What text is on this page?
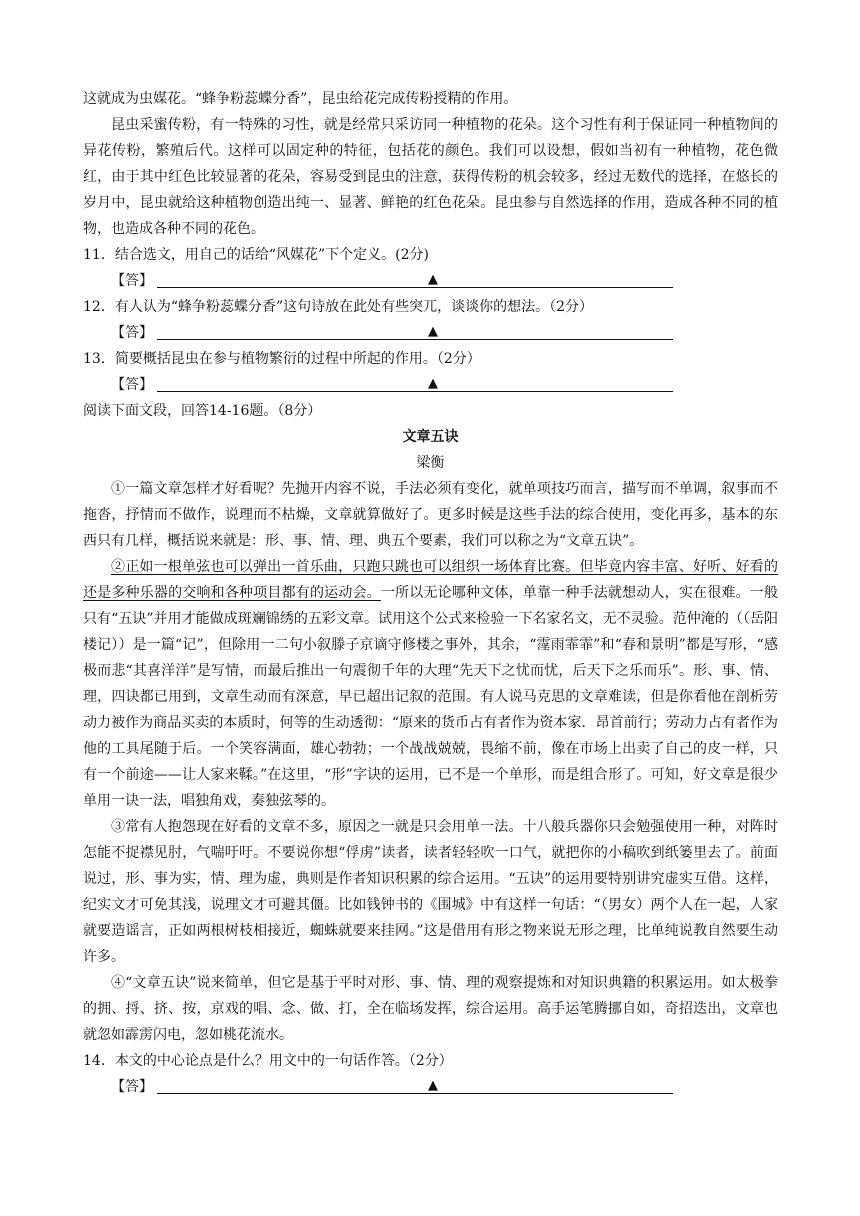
这就成为虫媒花。“蜂争粉蕊蝶分香”，昆虫给花完成传粉授精的作用。

昆虫采蜜传粉，有一特殊的习性，就是经常只采访同一种植物的花朵。这个习性有利于保证同一种植物间的异花传粉，繁殖后代。这样可以固定种的特征，包括花的颜色。我们可以设想，假如当初有一种植物，花色微红，由于其中红色比较显著的花朵，容易受到昆虫的注意，获得传粉的机会较多，经过无数代的选择，在悠长的岁月中，昆虫就给这种植物创造出纯一、显著、鲜艳的红色花朵。昆虫参与自然选择的作用，造成各种不同的植物，也造成各种不同的花色。

11．结合选文，用自己的话给“风媒花”下个定义。(2分)

【答】	▲

12．有人认为“蜂争粉蕊蝶分香”这句诗放在此处有些突兀，谈谈你的想法。（2分）

【答】	▲

13．简要概括昆虫在参与植物繁衍的过程中所起的作用。（2分）

【答】	▲

阅读下面文段，回答14-16题。（8分）

文章五诀

梁衡

①一篇文章怎样才好看呢？先抛开内容不说，手法必须有变化，就单项技巧而言，描写而不单调，叙事而不拖沓，抒情而不做作，说理而不枯燥，文章就算做好了。更多时候是这些手法的综合使用，变化再多，基本的东西只有几样，概括说来就是：形、事、情、理、典五个要素，我们可以称之为“文章五诀”。

②正如一根单弦也可以弹出一首乐曲，只跑只跳也可以组织一场体育比赛。但毕竟内容丰富、好听、好看的还是多种乐器的交响和各种项目都有的运动会。一所以无论哪种文体，单靠一种手法就想动人，实在很难。一般只有“五诀”并用才能做成斑斓锦绣的五彩文章。试用这个公式来检验一下名家名文，无不灵验。范仲淹的（（岳阳楼记））是一篇“记”，但除用一二句小叙滕子京谪守修楼之事外，其余，“霪雨霏霏”和“春和景明”都是写形，“感极而悲“其喜洋洋”是写情，而最后推出一句震彻千年的大理“先天下之忧而忧，后天下之乐而乐”。形、事、情、理，四诀都已用到，文章生动而有深意，早已超出记叙的范围。有人说马克思的文章难读，但是你看他在剖析劳动力被作为商品买卖的本质时，何等的生动透彻：“原来的货币占有者作为资本家．昂首前行；劳动力占有者作为他的工具尾随于后。一个笑容满面，雄心勃勃；一个战战兢兢，畏缩不前，像在市场上出卖了自己的皮一样，只有一个前途——让人家来鞣。”在这里，“形”字诀的运用，已不是一个单形，而是组合形了。可知，好文章是很少单用一诀一法，唱独角戏，奏独弦琴的。

③常有人抱怨现在好看的文章不多，原因之一就是只会用单一法。十八般兵器你只会勉强使用一种，对阵时怎能不捉襟见肘，气喘吁吁。不要说你想“俘虏”读者，读者轻轻吹一口气，就把你的小稿吹到纸篓里去了。前面说过，形、事为实，情、理为虚，典则是作者知识积累的综合运用。“五诀”的运用要特别讲究虚实互借。这样，纪实文才可免其浅，说理文才可避其僵。比如钱钟书的《围城》中有这样一句话：“（男女）两个人在一起，人家就要造谣言，正如两根树枝相接近，蜘蛛就要来挂网。”这是借用有形之物来说无形之理，比单纯说教自然要生动许多。

④“文章五诀”说来简单，但它是基于平时对形、事、情、理的观察提炼和对知识典籍的积累运用。如太极拳的拥、捋、挤、按，京戏的唱、念、做、打，全在临场发挥，综合运用。高手运笔腾挪自如，奇招迭出，文章也就忽如霹雳闪电，忽如桃花流水。

14．本文的中心论点是什么？用文中的一句话作答。（2分）

【答】	▲
